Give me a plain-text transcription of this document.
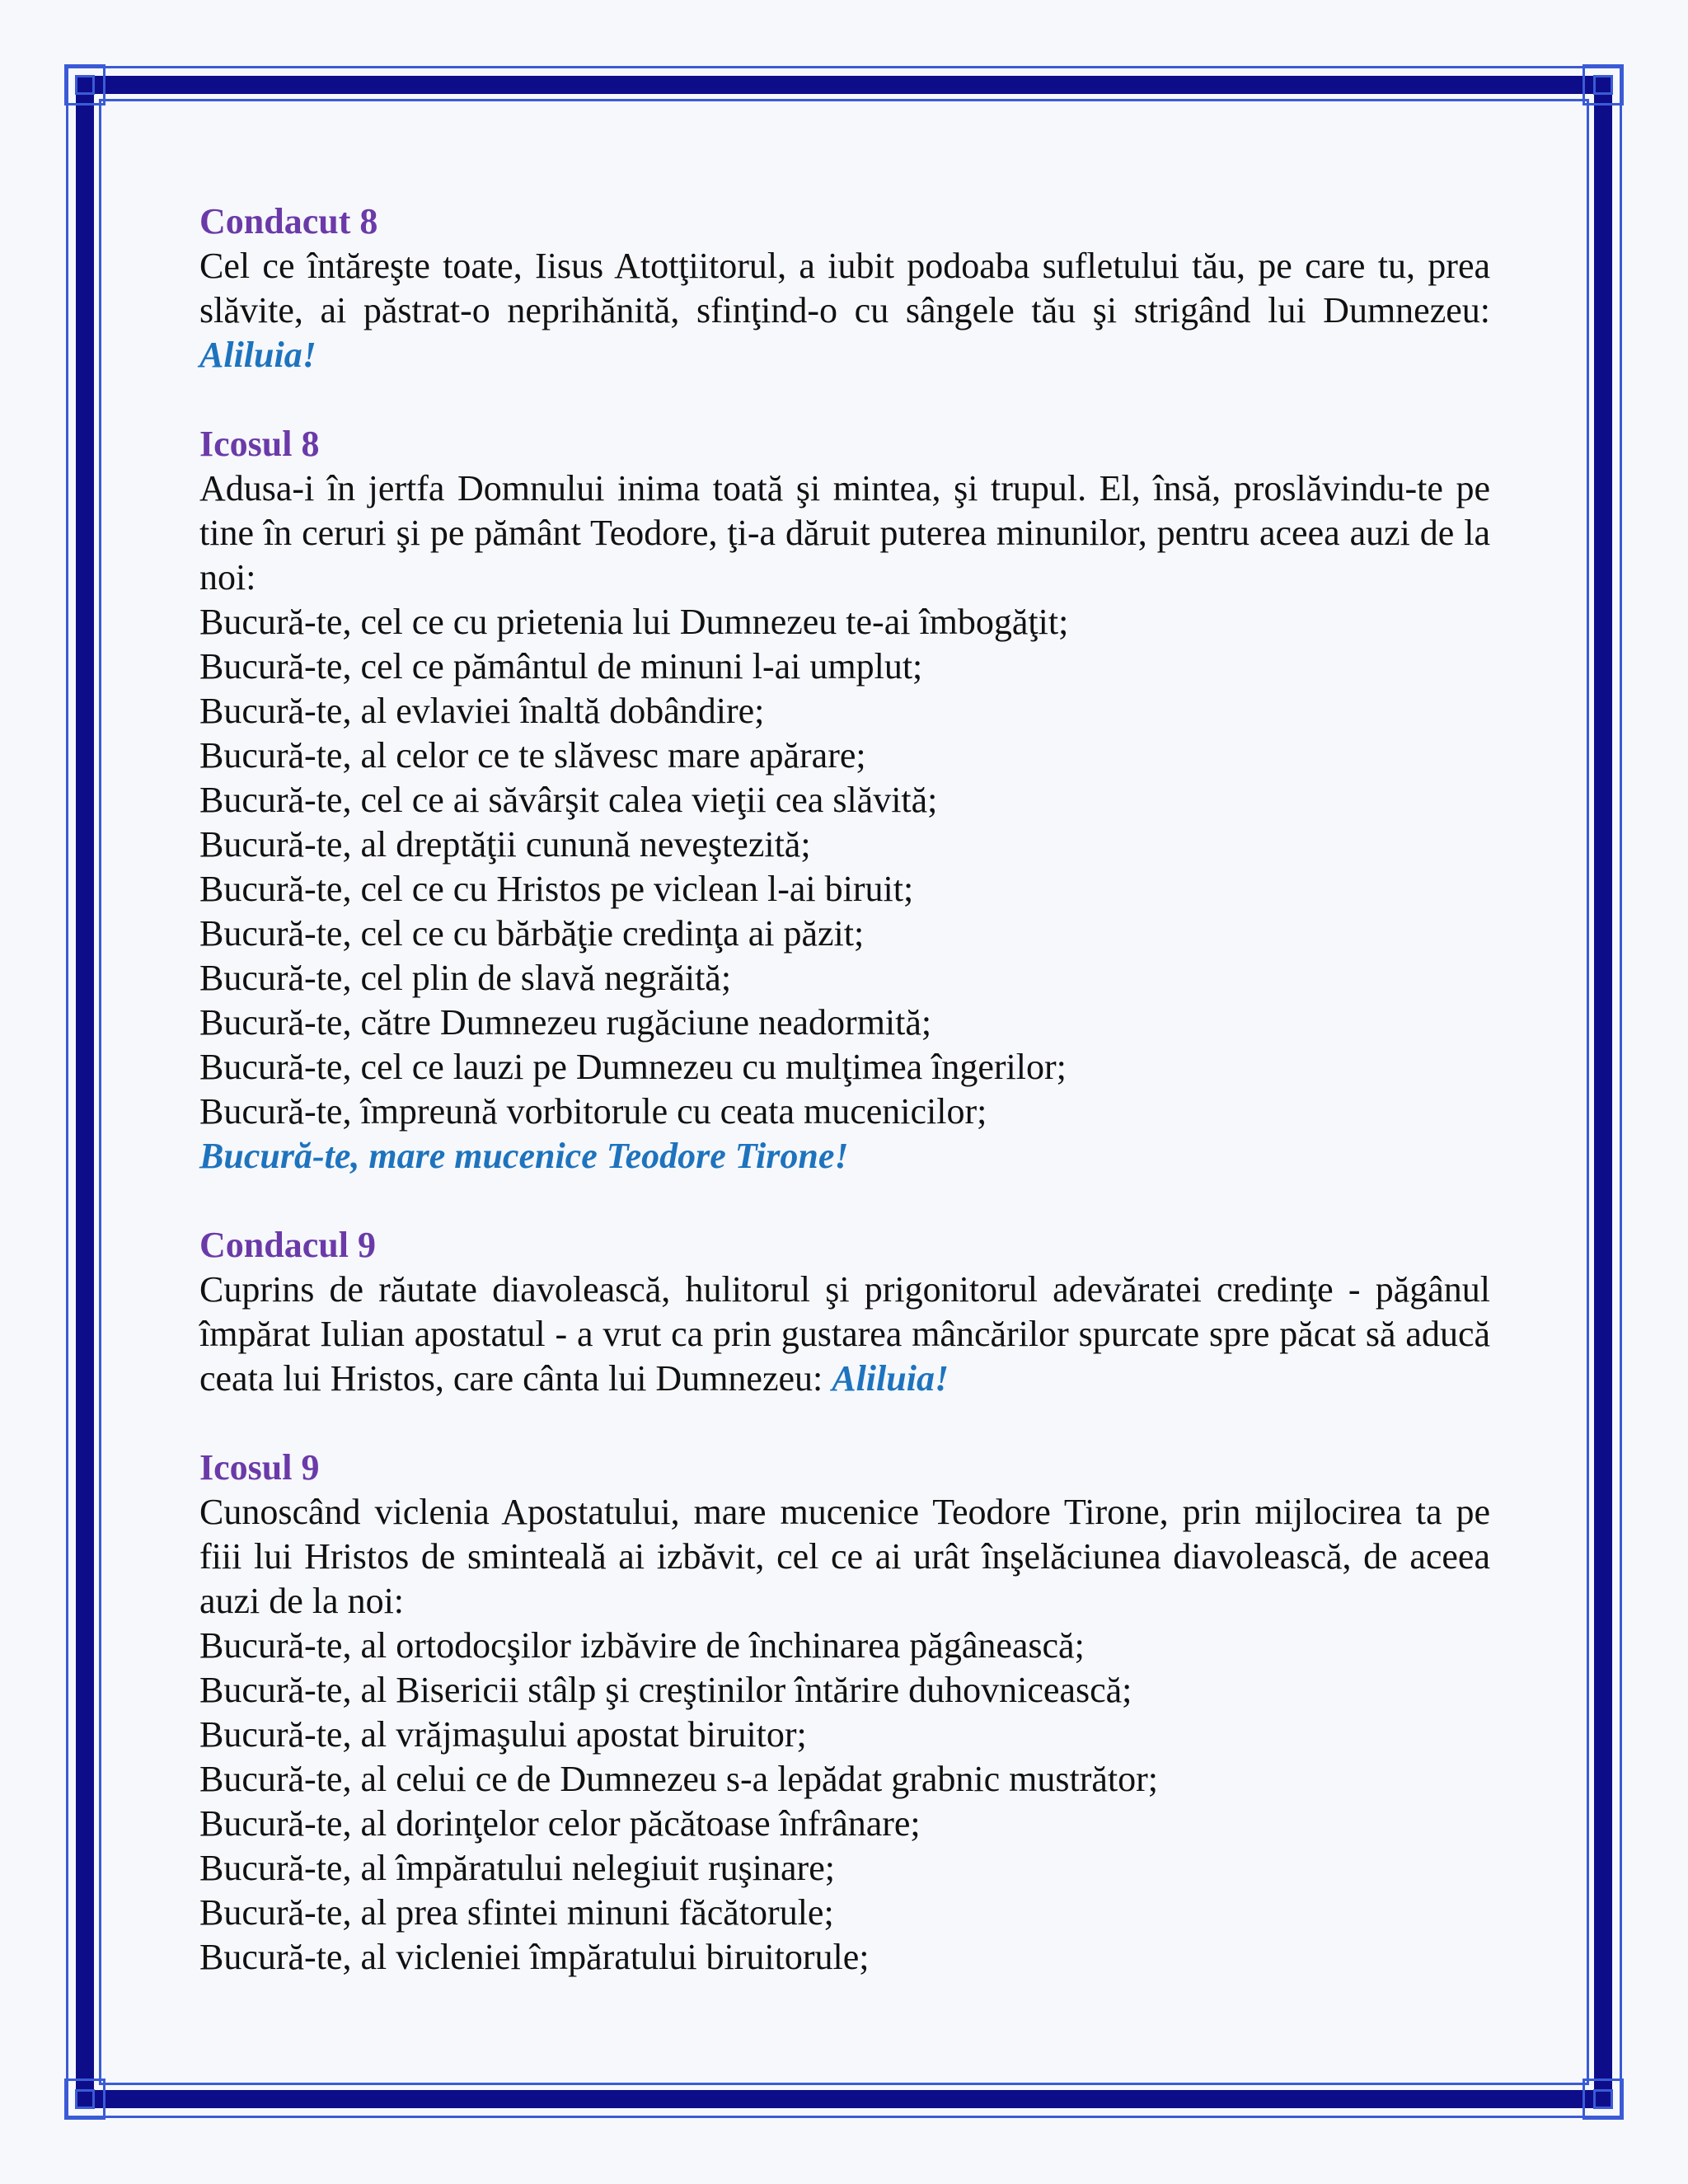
Condacut 8

Cel ce întăreşte toate, Iisus Atotţiitorul, a iubit podoaba sufletului tău, pe care tu, prea slăvite, ai păstrat-o neprihănită, sfinţind-o cu sângele tău şi strigând lui Dumnezeu: Aliluia!

Icosul 8

Adusa-i în jertfa Domnului inima toată şi mintea, şi trupul. El, însă, proslăvindu-te pe tine în ceruri şi pe pământ Teodore, ţi-a dăruit puterea minunilor, pentru aceea auzi de la noi:

Bucură-te, cel ce cu prietenia lui Dumnezeu te-ai îmbogăţit;

Bucură-te, cel ce pământul de minuni l-ai umplut;

Bucură-te, al evlaviei înaltă dobândire;

Bucură-te, al celor ce te slăvesc mare apărare;

Bucură-te, cel ce ai săvârşit calea vieţii cea slăvită;

Bucură-te, al dreptăţii cunună neveştezită;

Bucură-te, cel ce cu Hristos pe viclean l-ai biruit;

Bucură-te, cel ce cu bărbăţie credinţa ai păzit;

Bucură-te, cel plin de slavă negrăită;

Bucură-te, către Dumnezeu rugăciune neadormită;

Bucură-te, cel ce lauzi pe Dumnezeu cu mulţimea îngerilor;

Bucură-te, împreună vorbitorule cu ceata mucenicilor;

Bucură-te, mare mucenice Teodore Tirone!

Condacul 9

Cuprins de răutate diavolească, hulitorul şi prigonitorul adevăratei credinţe - păgânul împărat Iulian apostatul - a vrut ca prin gustarea mâncărilor spurcate spre păcat să aducă ceata lui Hristos, care cânta lui Dumnezeu: Aliluia!

Icosul 9

Cunoscând viclenia Apostatului, mare mucenice Teodore Tirone, prin mijlocirea ta pe fiii lui Hristos de sminteală ai izbăvit, cel ce ai urât înşelăciunea diavolească, de aceea auzi de la noi:

Bucură-te, al ortodocşilor izbăvire de închinarea păgânească;

Bucură-te, al Bisericii stâlp şi creştinilor întărire duhovnicească;

Bucură-te, al vrăjmaşului apostat biruitor;

Bucură-te, al celui ce de Dumnezeu s-a lepădat grabnic mustrător;

Bucură-te, al dorinţelor celor păcătoase înfrânare;

Bucură-te, al împăratului nelegiuit ruşinare;

Bucură-te, al prea sfintei minuni făcătorule;

Bucură-te, al vicleniei împăratului biruitorule;
